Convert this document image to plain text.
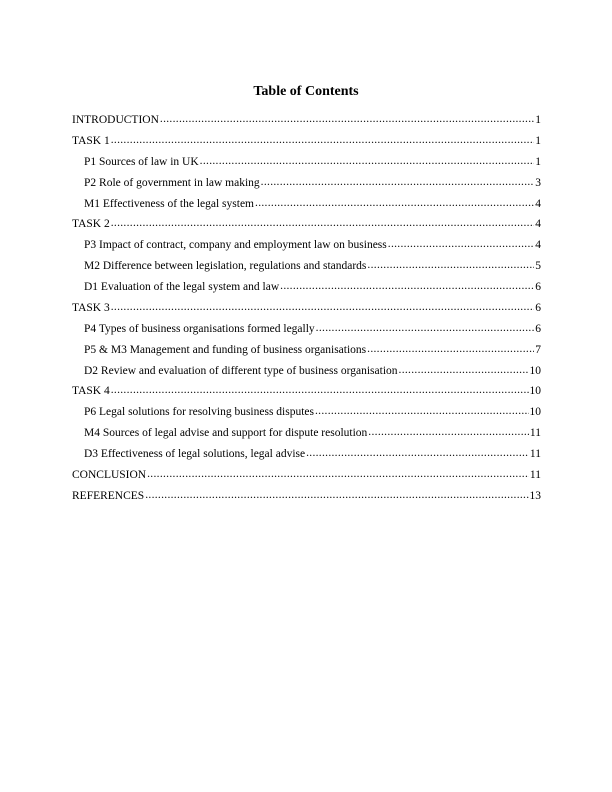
Table of Contents
INTRODUCTION .....	1
TASK 1 .....	1
P1 Sources of law in UK .....	1
P2 Role of government in law making .....	3
M1 Effectiveness of the legal system .....	4
TASK 2 .....	4
P3 Impact of contract, company and employment law on business .....	4
M2 Difference between legislation, regulations and standards .....	5
D1 Evaluation of the legal system and law .....	6
TASK 3 .....	6
P4 Types of business organisations formed legally .....	6
P5 & M3 Management and funding of business organisations .....	7
D2 Review and evaluation of different type of business organisation .....	10
TASK 4 .....	10
P6 Legal solutions for resolving business disputes .....	10
M4 Sources of legal advise and support for dispute resolution .....	11
D3 Effectiveness of legal solutions, legal advise .....	11
CONCLUSION .....	11
REFERENCES .....	13
